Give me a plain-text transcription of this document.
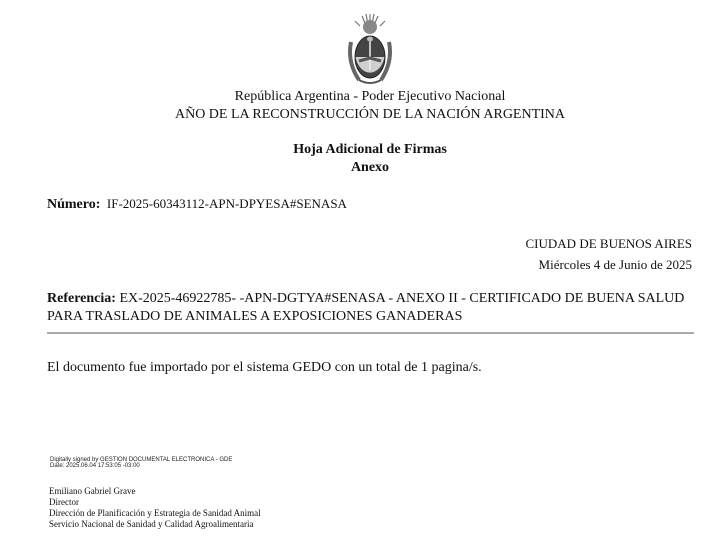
República Argentina - Poder Ejecutivo Nacional
AÑO DE LA RECONSTRUCCIÓN DE LA NACIÓN ARGENTINA
Hoja Adicional de Firmas
Anexo
Número: IF-2025-60343112-APN-DPYESA#SENASA
CIUDAD DE BUENOS AIRES
Miércoles 4 de Junio de 2025
Referencia: EX-2025-46922785- -APN-DGTYA#SENASA - ANEXO II - CERTIFICADO DE BUENA SALUD
PARA TRASLADO DE ANIMALES A EXPOSICIONES GANADERAS
El documento fue importado por el sistema GEDO con un total de 1 pagina/s.
Digitally signed by GESTION DOCUMENTAL ELECTRONICA - GDE
Date: 2025.06.04 17:53:05 -03:00
Emiliano Gabriel Grave
Director
Dirección de Planificación y Estrategia de Sanidad Animal
Servicio Nacional de Sanidad y Calidad Agroalimentaria
